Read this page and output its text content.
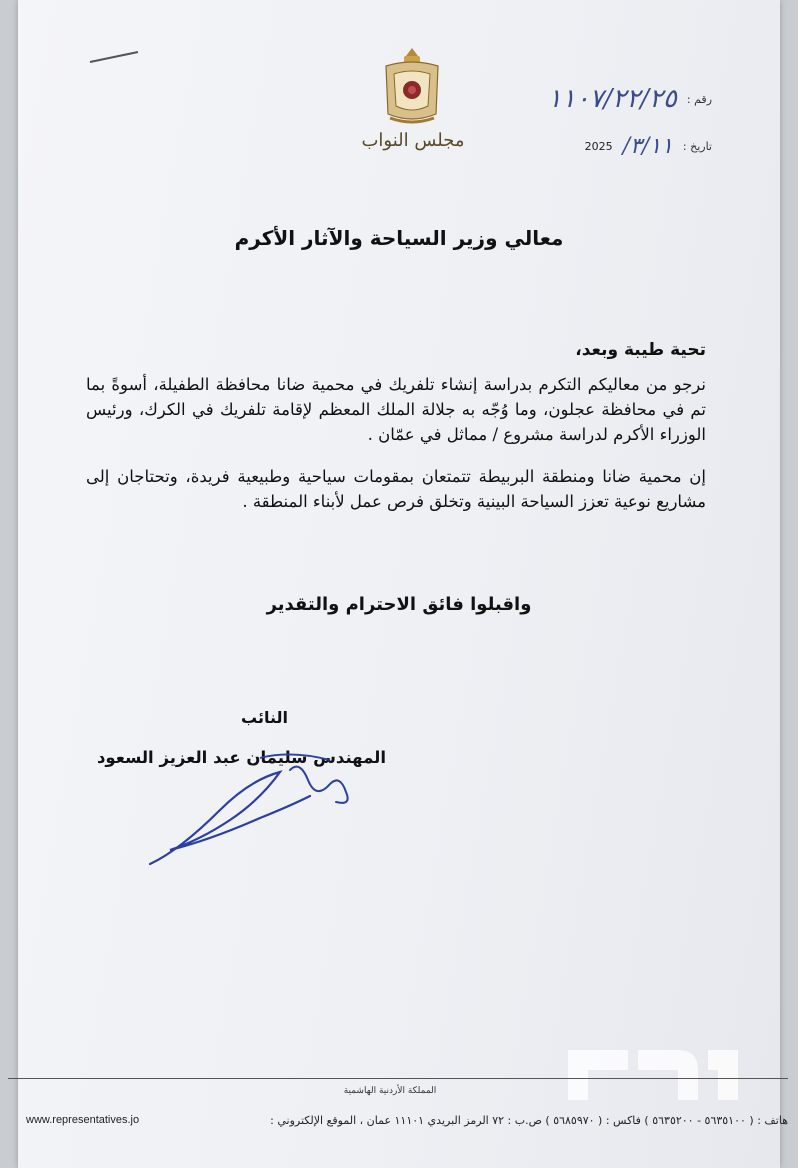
مجلس النواب
رقم :
١١٠٧/٢٢/٢٥
تاريخ :
٣/١١/
2025
معالي وزير السياحة والآثار الأكرم
تحية طيبة وبعد،
نرجو من معاليكم التكرم بدراسة إنشاء تلفريك في محمية ضانا محافظة الطفيلة، أسوةً بما تم في محافظة عجلون، وما وُجّه به جلالة الملك المعظم لإقامة تلفريك في الكرك، ورئيس الوزراء الأكرم لدراسة مشروع / مماثل في عمّان .
إن محمية ضانا ومنطقة البربيطة تتمتعان بمقومات سياحية وطبيعية فريدة، وتحتاجان إلى مشاريع نوعية تعزز السياحة البينية وتخلق فرص عمل لأبناء المنطقة .
واقبلوا فائق الاحترام والتقدير
النائب
المهندس سليمان عبد العزيز السعود
المملكة الأردنية الهاشمية
هاتف : ( ٥٦٣٥١٠٠ - ٥٦٣٥٢٠٠ ) فاكس : ( ٥٦٨٥٩٧٠ ) ص.ب : ٧٢ الرمز البريدي ١١١٠١ عمان ، الموقع الإلكتروني :
www.representatives.jo
